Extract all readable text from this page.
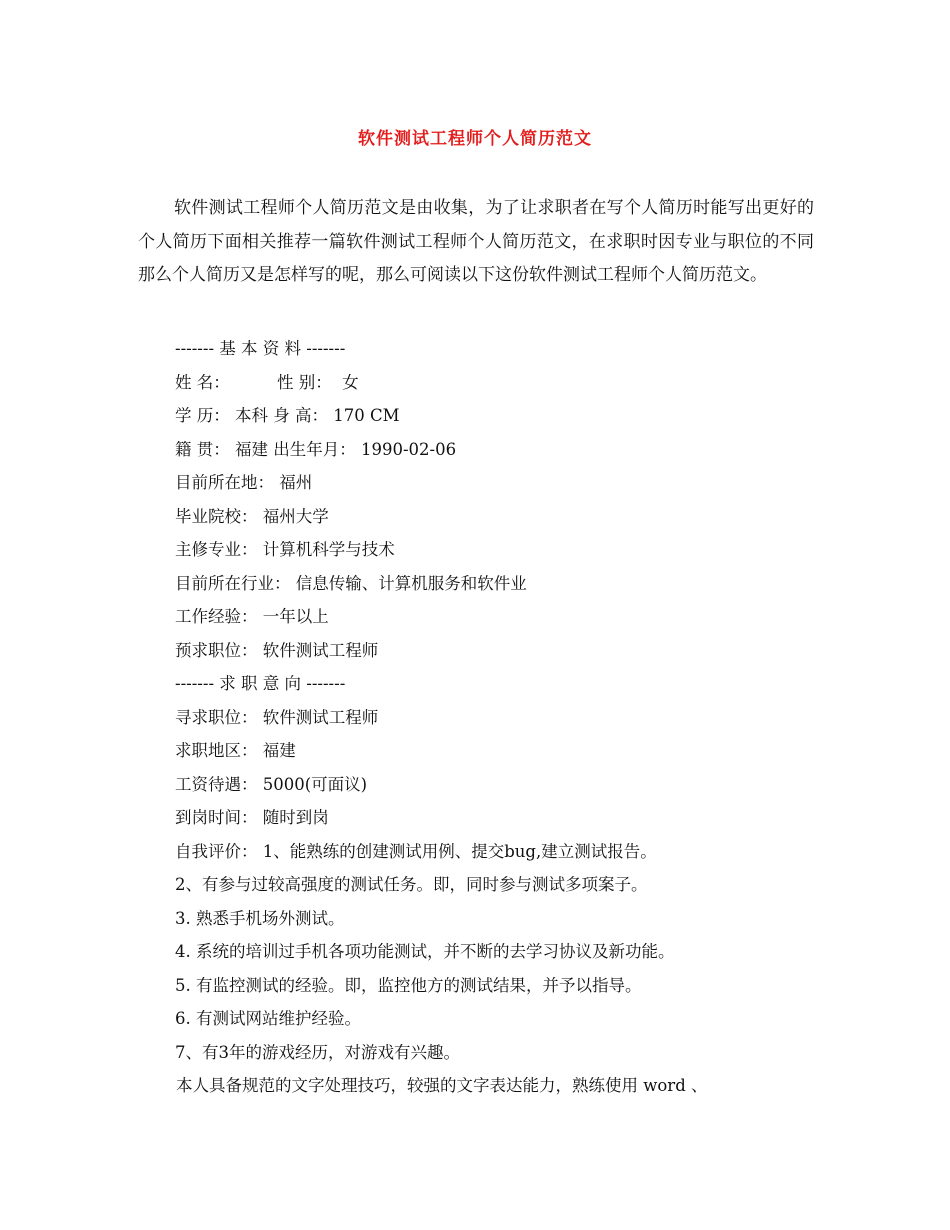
软件测试工程师个人简历范文

软件测试工程师个人简历范文是由收集，为了让求职者在写个人简历时能写出更好的个人简历下面相关推荐一篇软件测试工程师个人简历范文，在求职时因专业与职位的不同那么个人简历又是怎样写的呢，那么可阅读以下这份软件测试工程师个人简历范文。

------- 基 本 资 料 -------
姓 名：         性 别：  女
学 历： 本科 身 高： 170 CM
籍 贯： 福建 出生年月： 1990-02-06
目前所在地： 福州
毕业院校： 福州大学
主修专业： 计算机科学与技术
目前所在行业： 信息传输、计算机服务和软件业
工作经验： 一年以上
预求职位： 软件测试工程师
------- 求 职 意 向 -------
寻求职位： 软件测试工程师
求职地区： 福建
工资待遇： 5000(可面议)
到岗时间： 随时到岗
自我评价： 1、能熟练的创建测试用例、提交bug,建立测试报告。
2、有参与过较高强度的测试任务。即，同时参与测试多项案子。
3. 熟悉手机场外测试。
4. 系统的培训过手机各项功能测试，并不断的去学习协议及新功能。
5. 有监控测试的经验。即，监控他方的测试结果，并予以指导。
6. 有测试网站维护经验。
7、有3年的游戏经历，对游戏有兴趣。
本人具备规范的文字处理技巧，较强的文字表达能力，熟练使用 word 、
